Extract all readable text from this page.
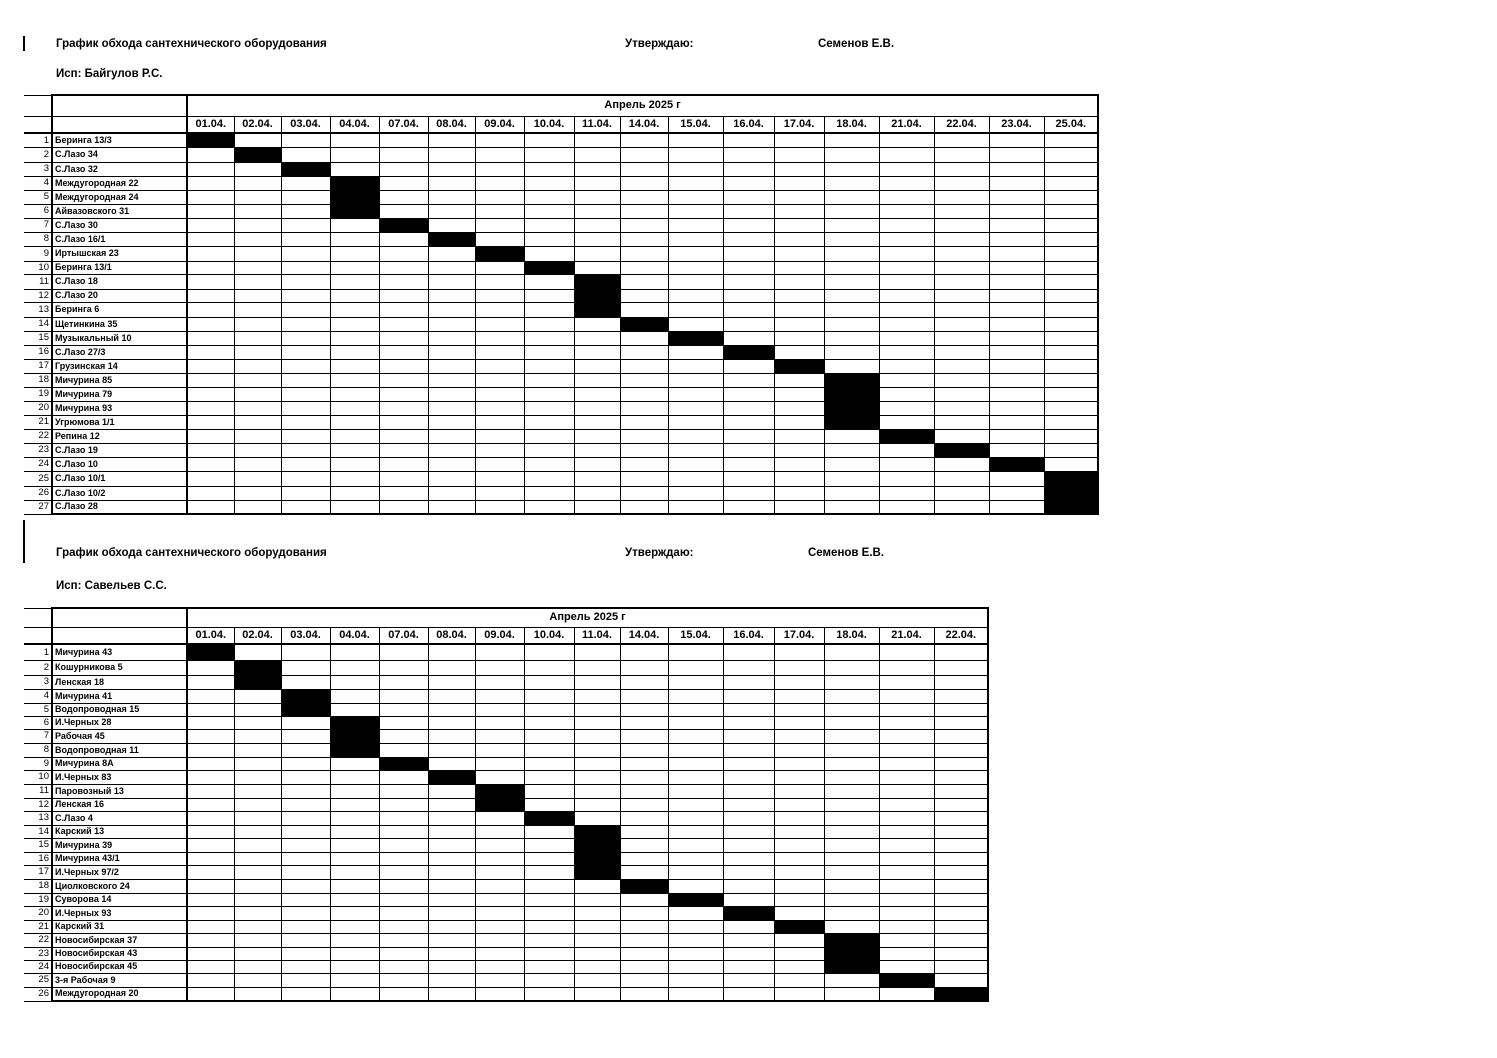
График обхода сантехнического оборудования	Утверждаю:	Семенов Е.В.
Исп: Байгулов Р.С.
		Апрель 2025 г																	
		01.04.	02.04.	03.04.	04.04.	07.04.	08.04.	09.04.	10.04.	11.04.	14.04.	15.04.	16.04.	17.04.	18.04.	21.04.	22.04.	23.04.	25.04.
1	Беринга 13/3																		
2	С.Лазо 34																		
3	С.Лазо 32																		
4	Междугородная 22																		
5	Междугородная 24																		
6	Айвазовского 31																		
7	С.Лазо 30																		
8	С.Лазо 16/1																		
9	Иртышская 23																		
10	Беринга 13/1																		
11	С.Лазо 18																		
12	С.Лазо 20																		
13	Беринга 6																		
14	Щетинкина 35																		
15	Музыкальный 10																		
16	С.Лазо 27/3																		
17	Грузинская 14																		
18	Мичурина 85																		
19	Мичурина 79																		
20	Мичурина 93																		
21	Угрюмова 1/1																		
22	Репина 12																		
23	С.Лазо 19																		
24	С.Лазо 10																		
25	С.Лазо 10/1																		
26	С.Лазо 10/2																		
27	С.Лазо 28																		
График обхода сантехнического оборудования	Утверждаю:	Семенов Е.В.
Исп: Савельев С.С.
		Апрель 2025 г															
		01.04.	02.04.	03.04.	04.04.	07.04.	08.04.	09.04.	10.04.	11.04.	14.04.	15.04.	16.04.	17.04.	18.04.	21.04.	22.04.
1	Мичурина 43																
2	Кошурникова 5																
3	Ленская 18																
4	Мичурина 41																
5	Водопроводная 15																
6	И.Черных 28																
7	Рабочая 45																
8	Водопроводная 11																
9	Мичурина 8А																
10	И.Черных 83																
11	Паровозный 13																
12	Ленская 16																
13	С.Лазо 4																
14	Карский 13																
15	Мичурина 39																
16	Мичурина 43/1																
17	И.Черных 97/2																
18	Циолковского 24																
19	Суворова 14																
20	И.Черных 93																
21	Карский 31																
22	Новосибирская 37																
23	Новосибирская 43																
24	Новосибирская 45																
25	3-я Рабочая 9																
26	Междугородная 20																
